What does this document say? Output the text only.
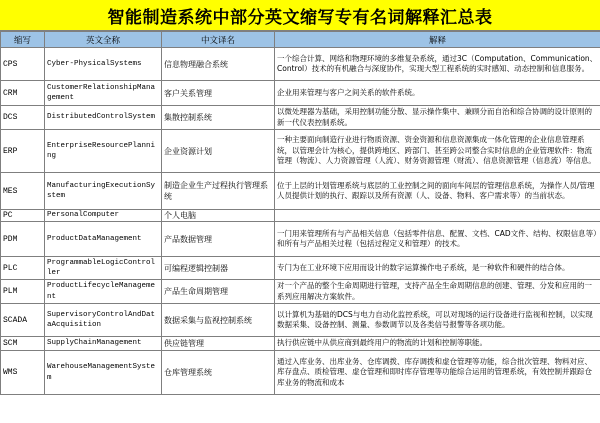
智能制造系统中部分英文缩写专有名词解释汇总表
缩写	英文全称	中文译名	解释
CPS	Cyber-PhysicalSystems	信息物理融合系统	一个综合计算、网络和物理环境的多维复杂系统，通过3C（Computation、Communication、Control）技术的有机融合与深度协作，实现大型工程系统的实时感知、动态控制和信息服务。
CRM	CustomerRelationshipManagement	客户关系管理	企业用来管理与客户之间关系的软件系统。
DCS	DistributedControlSystem	集散控制系统	以微处理器为基础，采用控制功能分散、显示操作集中、兼顾分而自治和综合协调的设计原则的新一代仪表控制系统。
ERP	EnterpriseResourcePlanning	企业资源计划	一种主要面向制造行业进行物质资源、资金资源和信息资源集成一体化管理的企业信息管理系统，以管理会计为核心，提供跨地区、跨部门、甚至跨公司整合实时信息的企业管理软件：物流管理（物流）、人力资源管理（人流）、财务资源管理（财流）、信息资源管理（信息流）等信息。
MES	ManufacturingExecutionSystem	制造企业生产过程执行管理系统	位于上层的计划管理系统与底层的工业控制之间的面向车间层的管理信息系统，为操作人员/管理人员提供计划的执行、跟踪以及所有资源（人、设备、物料、客户需求等）的当前状态。
PC	PersonalComputer	个人电脑	
PDM	ProductDataManagement	产品数据管理	一门用来管理所有与产品相关信息（包括零件信息、配置、文档、CAD文件、结构、权限信息等）和所有与产品相关过程（包括过程定义和管理）的技术。
PLC	ProgrammableLogicController	可编程逻辑控制器	专门为在工业环境下应用而设计的数字运算操作电子系统，是一种软件和硬件的结合体。
PLM	ProductLifecycleManagement	产品生命周期管理	对一个产品的整个生命周期进行管理，支持产品全生命周期信息的创建、管理、分发和应用的一系列应用解决方案软件。
SCADA	SupervisoryControlAndDataAcquisition	数据采集与监视控制系统	以计算机为基础的DCS与电力自动化监控系统，可以对现场的运行设备进行监视和控制，以实现数据采集、设备控制、测量、参数调节以及各类信号报警等各项功能。
SCM	SupplyChainManagement	供应链管理	执行供应链中从供应商到最终用户的物流的计划和控制等职能。
WMS	WarehouseManagementSystem	仓库管理系统	通过入库业务、出库业务、仓库调拨、库存调拨和虚仓管理等功能，综合批次管理、物料对应、库存盘点、质检管理、虚仓管理和即时库存管理等功能综合运用的管理系统，有效控制并跟踪仓库业务的物流和成本
